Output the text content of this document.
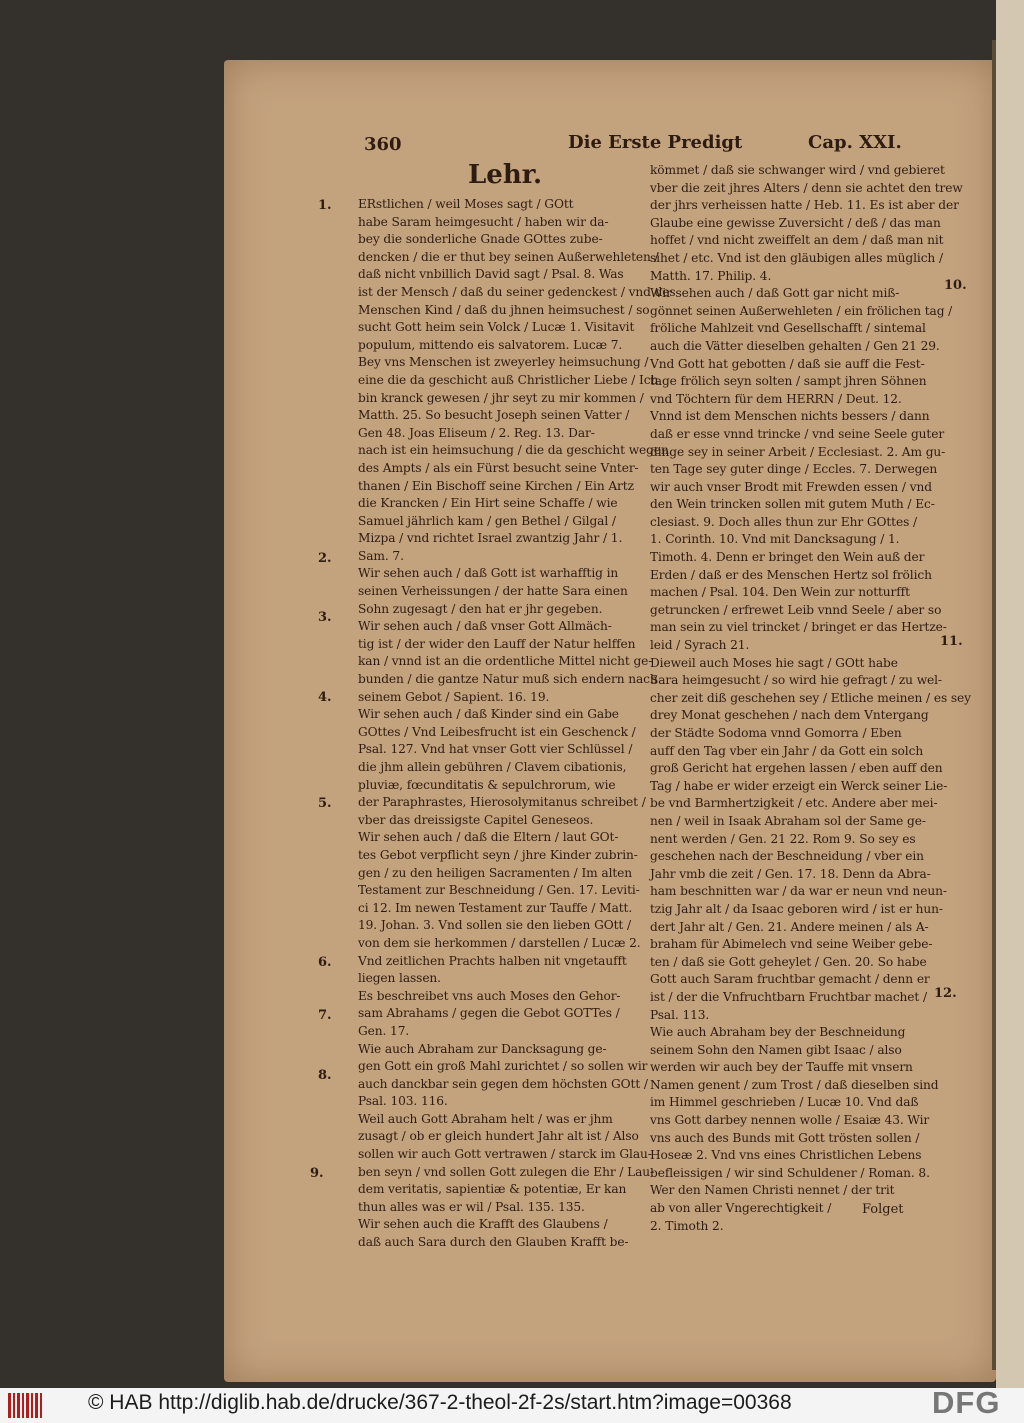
360	Die Erste Predigt	Cap. XXI.
Lehr.
ERstlichen / weil Moses sagt / GOtt
habe Saram heimgesucht / haben wir da-
bey die sonderliche Gnade GOttes zube-
dencken / die er thut bey seinen Außerwehleten /
daß nicht vnbillich David sagt / Psal. 8. Was
ist der Mensch / daß du seiner gedenckest / vnd des
Menschen Kind / daß du jhnen heimsuchest / so
sucht Gott heim sein Volck / Lucæ 1. Visitavit
populum, mittendo eis salvatorem. Lucæ 7.
Bey vns Menschen ist zweyerley heimsuchung /
eine die da geschicht auß Christlicher Liebe / Ich
bin kranck gewesen / jhr seyt zu mir kommen /
Matth. 25. So besucht Joseph seinen Vatter /
Gen 48. Joas Eliseum / 2. Reg. 13. Dar-
nach ist ein heimsuchung / die da geschicht wegen
des Ampts / als ein Fürst besucht seine Vnter-
thanen / Ein Bischoff seine Kirchen / Ein Artz
die Krancken / Ein Hirt seine Schaffe / wie
Samuel jährlich kam / gen Bethel / Gilgal /
Mizpa / vnd richtet Israel zwantzig Jahr / 1.
Sam. 7.
Wir sehen auch / daß Gott ist warhafftig in
seinen Verheissungen / der hatte Sara einen
Sohn zugesagt / den hat er jhr gegeben.
Wir sehen auch / daß vnser Gott Allmäch-
tig ist / der wider den Lauff der Natur helffen
kan / vnnd ist an die ordentliche Mittel nicht ge-
bunden / die gantze Natur muß sich endern nach
seinem Gebot / Sapient. 16. 19.
Wir sehen auch / daß Kinder sind ein Gabe
GOttes / Vnd Leibesfrucht ist ein Geschenck /
Psal. 127. Vnd hat vnser Gott vier Schlüssel /
die jhm allein gebühren / Clavem cibationis,
pluviæ, fœcunditatis & sepulchrorum, wie
der Paraphrastes, Hierosolymitanus schreibet /
vber das dreissigste Capitel Geneseos.
Wir sehen auch / daß die Eltern / laut GOt-
tes Gebot verpflicht seyn / jhre Kinder zubrin-
gen / zu den heiligen Sacramenten / Im alten
Testament zur Beschneidung / Gen. 17. Leviti-
ci 12. Im newen Testament zur Tauffe / Matt.
19. Johan. 3. Vnd sollen sie den lieben GOtt /
von dem sie herkommen / darstellen / Lucæ 2.
Vnd zeitlichen Prachts halben nit vngetaufft
liegen lassen.
Es beschreibet vns auch Moses den Gehor-
sam Abrahams / gegen die Gebot GOTTes /
Gen. 17.
Wie auch Abraham zur Dancksagung ge-
gen Gott ein groß Mahl zurichtet / so sollen wir
auch danckbar sein gegen dem höchsten GOtt /
Psal. 103. 116.
Weil auch Gott Abraham helt / was er jhm
zusagt / ob er gleich hundert Jahr alt ist / Also
sollen wir auch Gott vertrawen / starck im Glau-
ben seyn / vnd sollen Gott zulegen die Ehr / Lau-
dem veritatis, sapientiæ & potentiæ, Er kan
thun alles was er wil / Psal. 135. 135.
Wir sehen auch die Krafft des Glaubens /
daß auch Sara durch den Glauben Krafft be-
kömmet / daß sie schwanger wird / vnd gebieret
vber die zeit jhres Alters / denn sie achtet den trew
der jhrs verheissen hatte / Heb. 11. Es ist aber der
Glaube eine gewisse Zuversicht / deß / das man
hoffet / vnd nicht zweiffelt an dem / daß man nit
sihet / etc. Vnd ist den gläubigen alles müglich /
Matth. 17. Philip. 4.
Wir sehen auch / daß Gott gar nicht miß-
gönnet seinen Außerwehleten / ein frölichen tag /
fröliche Mahlzeit vnd Gesellschafft / sintemal
auch die Vätter dieselben gehalten / Gen 21 29.
Vnd Gott hat gebotten / daß sie auff die Fest-
tage frölich seyn solten / sampt jhren Söhnen
vnd Töchtern für dem HERRN / Deut. 12.
Vnnd ist dem Menschen nichts bessers / dann
daß er esse vnnd trincke / vnd seine Seele guter
dinge sey in seiner Arbeit / Ecclesiast. 2. Am gu-
ten Tage sey guter dinge / Eccles. 7. Derwegen
wir auch vnser Brodt mit Frewden essen / vnd
den Wein trincken sollen mit gutem Muth / Ec-
clesiast. 9. Doch alles thun zur Ehr GOttes /
1. Corinth. 10. Vnd mit Dancksagung / 1.
Timoth. 4. Denn er bringet den Wein auß der
Erden / daß er des Menschen Hertz sol frölich
machen / Psal. 104. Den Wein zur notturfft
getruncken / erfrewet Leib vnnd Seele / aber so
man sein zu viel trincket / bringet er das Hertze-
leid / Syrach 21.
Dieweil auch Moses hie sagt / GOtt habe
Sara heimgesucht / so wird hie gefragt / zu wel-
cher zeit diß geschehen sey / Etliche meinen / es sey
drey Monat geschehen / nach dem Vntergang
der Städte Sodoma vnnd Gomorra / Eben
auff den Tag vber ein Jahr / da Gott ein solch
groß Gericht hat ergehen lassen / eben auff den
Tag / habe er wider erzeigt ein Werck seiner Lie-
be vnd Barmhertzigkeit / etc. Andere aber mei-
nen / weil in Isaak Abraham sol der Same ge-
nent werden / Gen. 21 22. Rom 9. So sey es
geschehen nach der Beschneidung / vber ein
Jahr vmb die zeit / Gen. 17. 18. Denn da Abra-
ham beschnitten war / da war er neun vnd neun-
tzig Jahr alt / da Isaac geboren wird / ist er hun-
dert Jahr alt / Gen. 21. Andere meinen / als A-
braham für Abimelech vnd seine Weiber gebe-
ten / daß sie Gott geheylet / Gen. 20. So habe
Gott auch Saram fruchtbar gemacht / denn er
ist / der die Vnfruchtbarn Fruchtbar machet /
Psal. 113.
Wie auch Abraham bey der Beschneidung
seinem Sohn den Namen gibt Isaac / also
werden wir auch bey der Tauffe mit vnsern
Namen genent / zum Trost / daß dieselben sind
im Himmel geschrieben / Lucæ 10. Vnd daß
vns Gott darbey nennen wolle / Esaiæ 43. Wir
vns auch des Bunds mit Gott trösten sollen /
Hoseæ 2. Vnd vns eines Christlichen Lebens
befleissigen / wir sind Schuldener / Roman. 8.
Wer den Namen Christi nennet / der trit
ab von aller Vngerechtigkeit /
2. Timoth 2.
1.
2.
3.
4.
5.
6.
7.
8.
9.
10.
11.
12.
Folget
© HAB http://diglib.hab.de/drucke/367-2-theol-2f-2s/start.htm?image=00368	DFG
